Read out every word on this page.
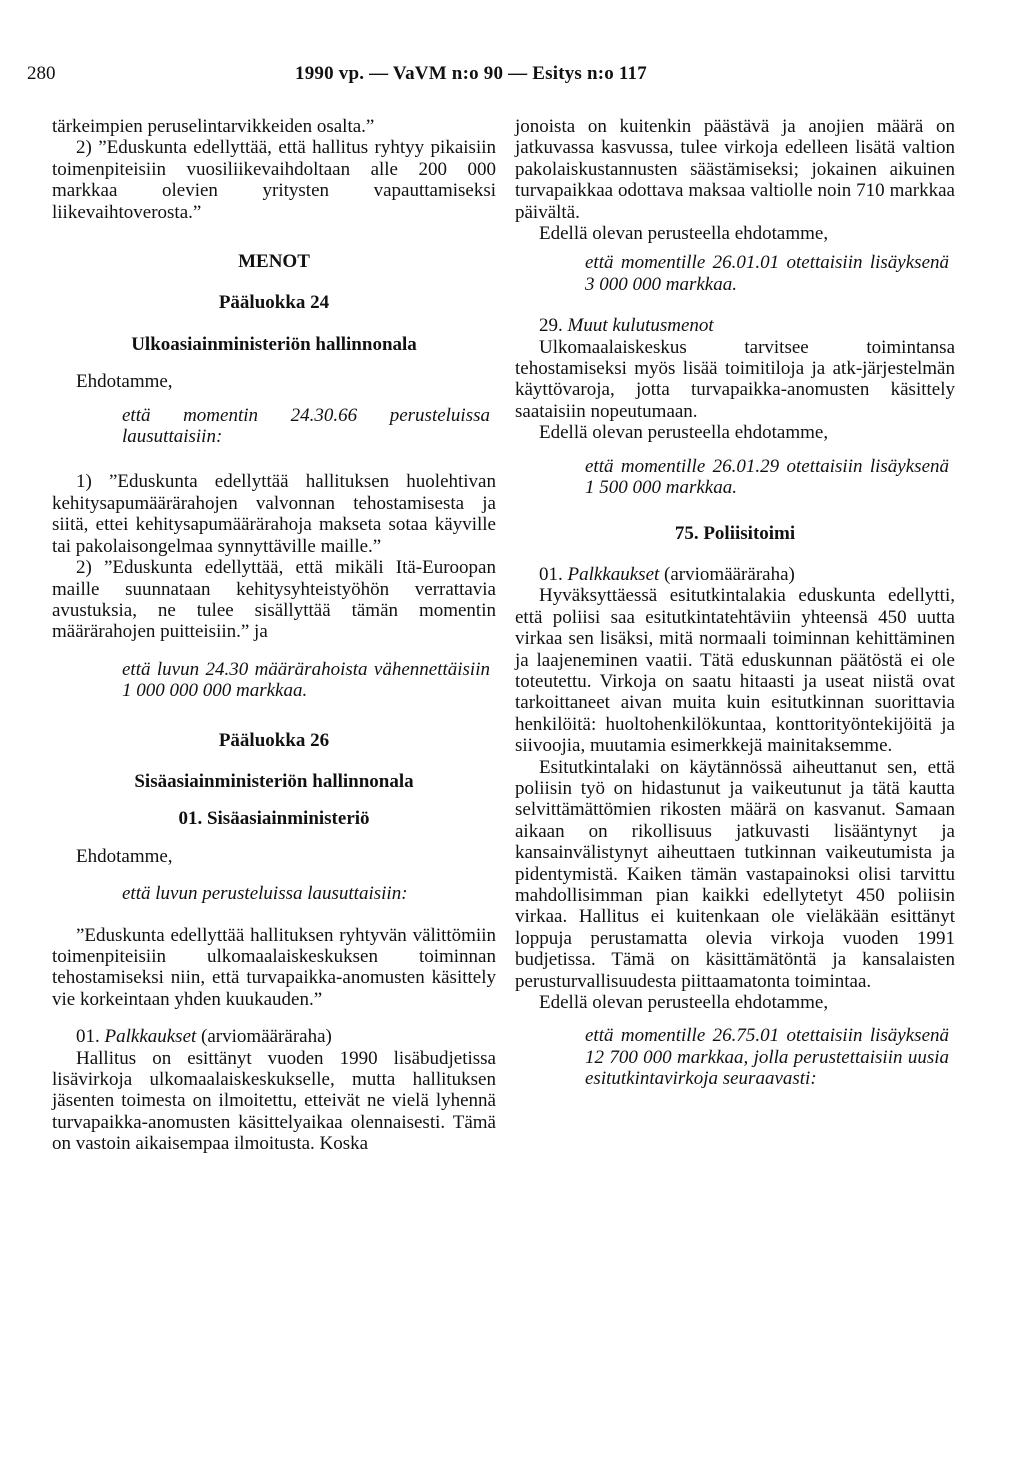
280	1990 vp. — VaVM n:o 90 — Esitys n:o 117

tärkeimpien peruselintarvikkeiden osalta.”

2) ”Eduskunta edellyttää, että hallitus ryhtyy pikaisiin toimenpiteisiin vuosiliikevaihdoltaan alle 200 000 markkaa olevien yritysten vapauttamiseksi liikevaihtoverosta.”

MENOT

Pääluokka 24

Ulkoasiainministeriön hallinnonala

Ehdotamme,

että momentin 24.30.66 perusteluissa lausuttaisiin:

1) ”Eduskunta edellyttää hallituksen huolehtivan kehitysapumäärärahojen valvonnan tehostamisesta ja siitä, ettei kehitysapumäärärahoja makseta sotaa käyville tai pakolaisongelmaa synnyttäville maille.”

2) ”Eduskunta edellyttää, että mikäli Itä-Euroopan maille suunnataan kehitysyhteistyöhön verrattavia avustuksia, ne tulee sisällyttää tämän momentin määrärahojen puitteisiin.” ja

että luvun 24.30 määrärahoista vähennettäisiin 1 000 000 000 markkaa.

Pääluokka 26

Sisäasiainministeriön hallinnonala

01. Sisäasiainministeriö

Ehdotamme,

että luvun perusteluissa lausuttaisiin:

”Eduskunta edellyttää hallituksen ryhtyvän välittömiin toimenpiteisiin ulkomaalaiskeskuksen toiminnan tehostamiseksi niin, että turvapaikka-anomusten käsittely vie korkeintaan yhden kuukauden.”

01. Palkkaukset (arviomääräraha)

Hallitus on esittänyt vuoden 1990 lisäbudjetissa lisävirkoja ulkomaalaiskeskukselle, mutta hallituksen jäsenten toimesta on ilmoitettu, etteivät ne vielä lyhennä turvapaikka-anomusten käsittelyaikaa olennaisesti. Tämä on vastoin aikaisempaa ilmoitusta. Koska

jonoista on kuitenkin päästävä ja anojien määrä on jatkuvassa kasvussa, tulee virkoja edelleen lisätä valtion pakolaiskustannusten säästämiseksi; jokainen aikuinen turvapaikkaa odottava maksaa valtiolle noin 710 markkaa päivältä.

Edellä olevan perusteella ehdotamme,

että momentille 26.01.01 otettaisiin lisäyksenä 3 000 000 markkaa.

29. Muut kulutusmenot

Ulkomaalaiskeskus tarvitsee toimintansa tehostamiseksi myös lisää toimitiloja ja atk-järjestelmän käyttövaroja, jotta turvapaikka-anomusten käsittely saataisiin nopeutumaan.

Edellä olevan perusteella ehdotamme,

että momentille 26.01.29 otettaisiin lisäyksenä 1 500 000 markkaa.

75. Poliisitoimi

01. Palkkaukset (arviomääräraha)

Hyväksyttäessä esitutkintalakia eduskunta edellytti, että poliisi saa esitutkintatehtäviin yhteensä 450 uutta virkaa sen lisäksi, mitä normaali toiminnan kehittäminen ja laajeneminen vaatii. Tätä eduskunnan päätöstä ei ole toteutettu. Virkoja on saatu hitaasti ja useat niistä ovat tarkoittaneet aivan muita kuin esitutkinnan suorittavia henkilöitä: huoltohenkilökuntaa, konttorityöntekijöitä ja siivoojia, muutamia esimerkkejä mainitaksemme.

Esitutkintalaki on käytännössä aiheuttanut sen, että poliisin työ on hidastunut ja vaikeutunut ja tätä kautta selvittämättömien rikosten määrä on kasvanut. Samaan aikaan on rikollisuus jatkuvasti lisääntynyt ja kansainvälistynyt aiheuttaen tutkinnan vaikeutumista ja pidentymistä. Kaiken tämän vastapainoksi olisi tarvittu mahdollisimman pian kaikki edellytetyt 450 poliisin virkaa. Hallitus ei kuitenkaan ole vieläkään esittänyt loppuja perustamatta olevia virkoja vuoden 1991 budjetissa. Tämä on käsittämätöntä ja kansalaisten perusturvallisuudesta piittaamatonta toimintaa.

Edellä olevan perusteella ehdotamme,

että momentille 26.75.01 otettaisiin lisäyksenä 12 700 000 markkaa, jolla perustettaisiin uusia esitutkintavirkoja seuraavasti:
